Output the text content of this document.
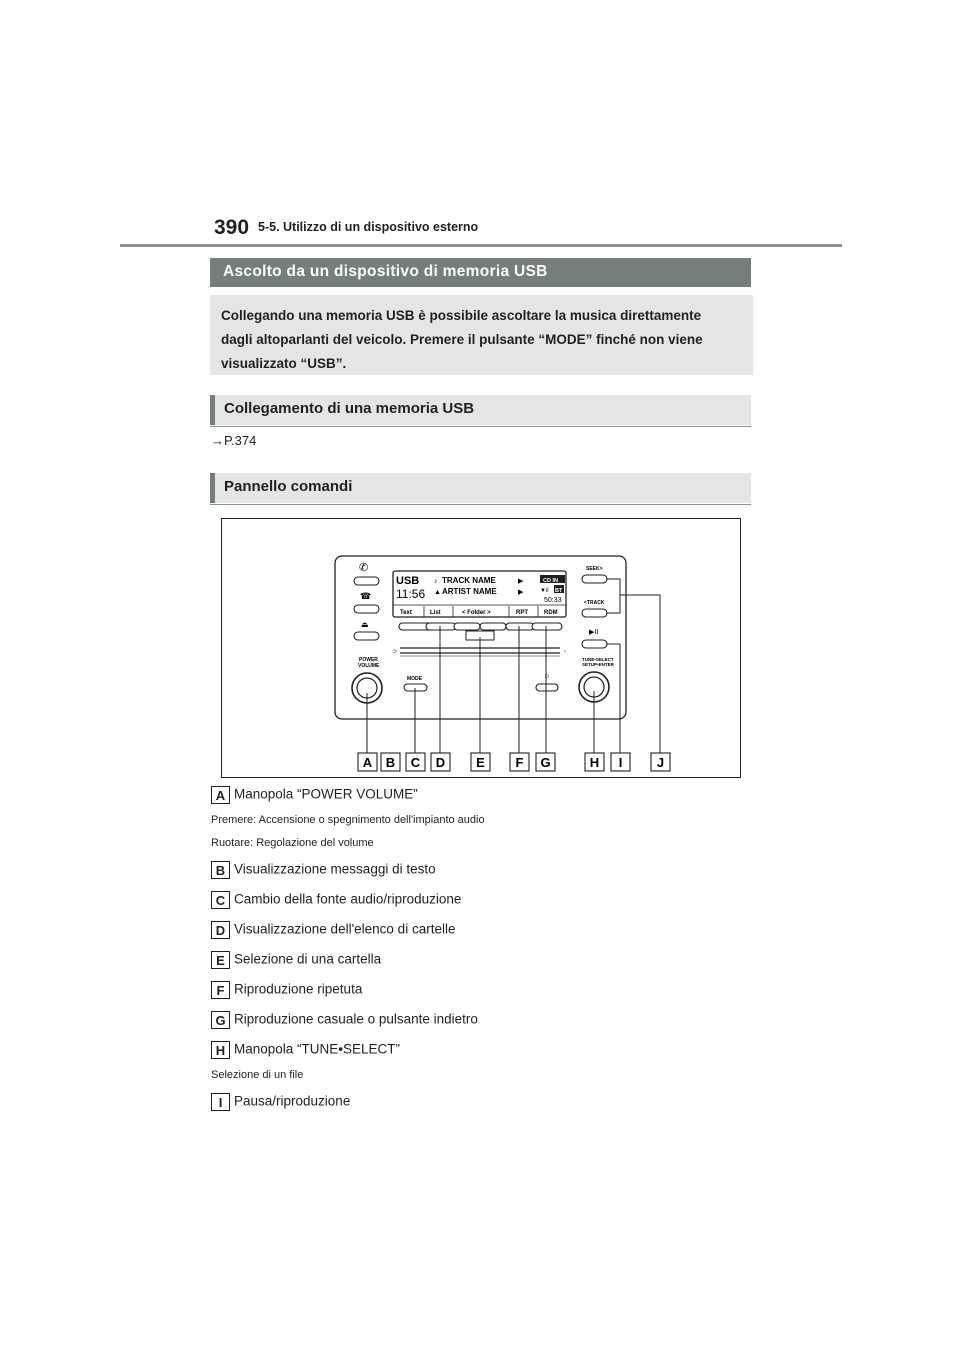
390 5-5. Utilizzo di un dispositivo esterno
Ascolto da un dispositivo di memoria USB
Collegando una memoria USB è possibile ascoltare la musica direttamente
dagli altoparlanti del veicolo. Premere il pulsante “MODE” finché non viene
visualizzato “USB”.
Collegamento di una memoria USB
→P.374
Pannello comandi
USB
11:56
♪ TRACK NAME
▲ ARTIST NAME
▶
▶
CD IN
▼il BT
50:33
Text	List	< Folder >	RPT	RDM
⊃	▫
✆
☎
⏏
POWER
VOLUME
MODE	☼
SEEK>
<TRACK
▶II
TUNE•SELECT
SETUP•ENTER
A B C D E F G	H I	J
A Manopola “POWER VOLUME”
Premere: Accensione o spegnimento dell'impianto audio
Ruotare: Regolazione del volume
B Visualizzazione messaggi di testo
C Cambio della fonte audio/riproduzione
D Visualizzazione dell'elenco di cartelle
E Selezione di una cartella
F Riproduzione ripetuta
G Riproduzione casuale o pulsante indietro
H Manopola “TUNE•SELECT”
Selezione di un file
I Pausa/riproduzione
